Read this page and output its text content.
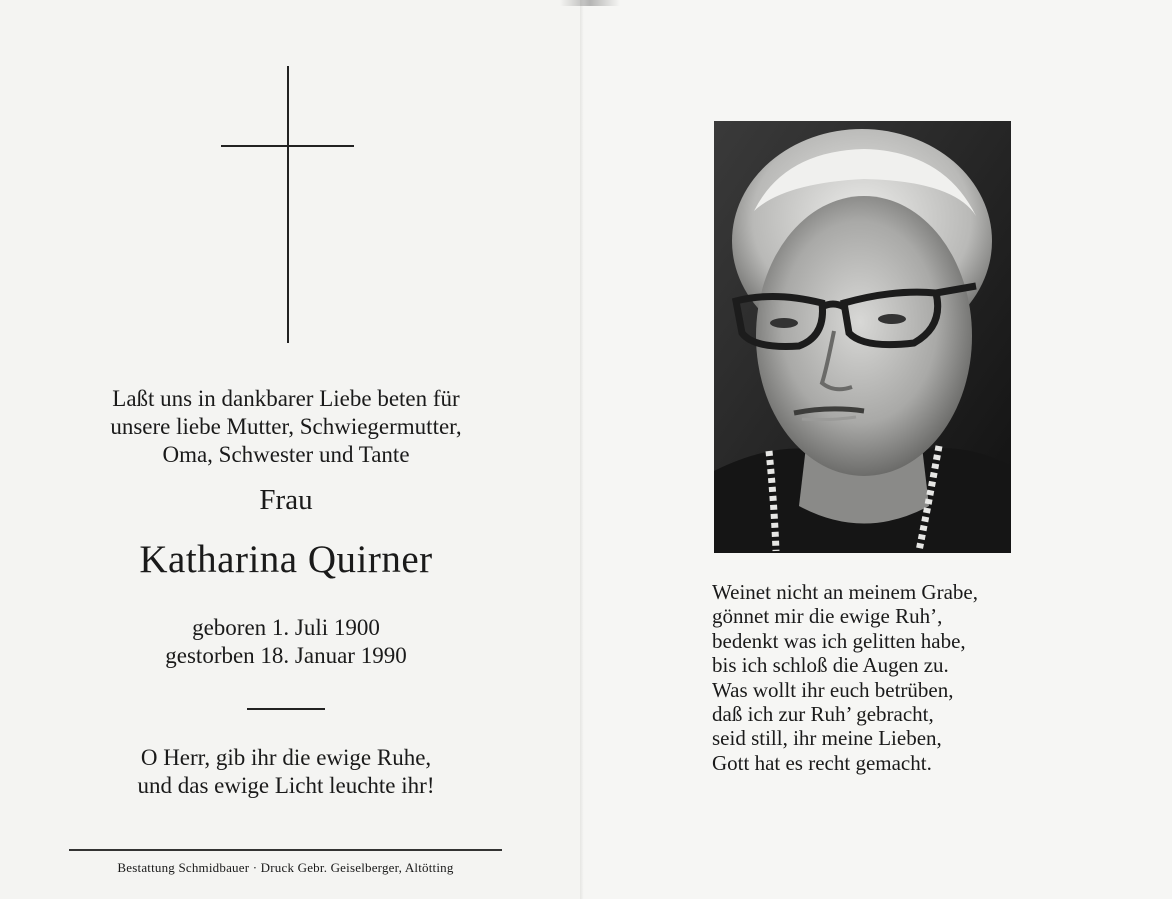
Laßt uns in dankbarer Liebe beten für
unsere liebe Mutter, Schwiegermutter,
Oma, Schwester und Tante
Frau
Katharina Quirner
geboren 1. Juli 1900
gestorben 18. Januar 1990
O Herr, gib ihr die ewige Ruhe,
und das ewige Licht leuchte ihr!
Bestattung Schmidbauer · Druck Gebr. Geiselberger, Altötting
Weinet nicht an meinem Grabe,
gönnet mir die ewige Ruh’,
bedenkt was ich gelitten habe,
bis ich schloß die Augen zu.
Was wollt ihr euch betrüben,
daß ich zur Ruh’ gebracht,
seid still, ihr meine Lieben,
Gott hat es recht gemacht.
